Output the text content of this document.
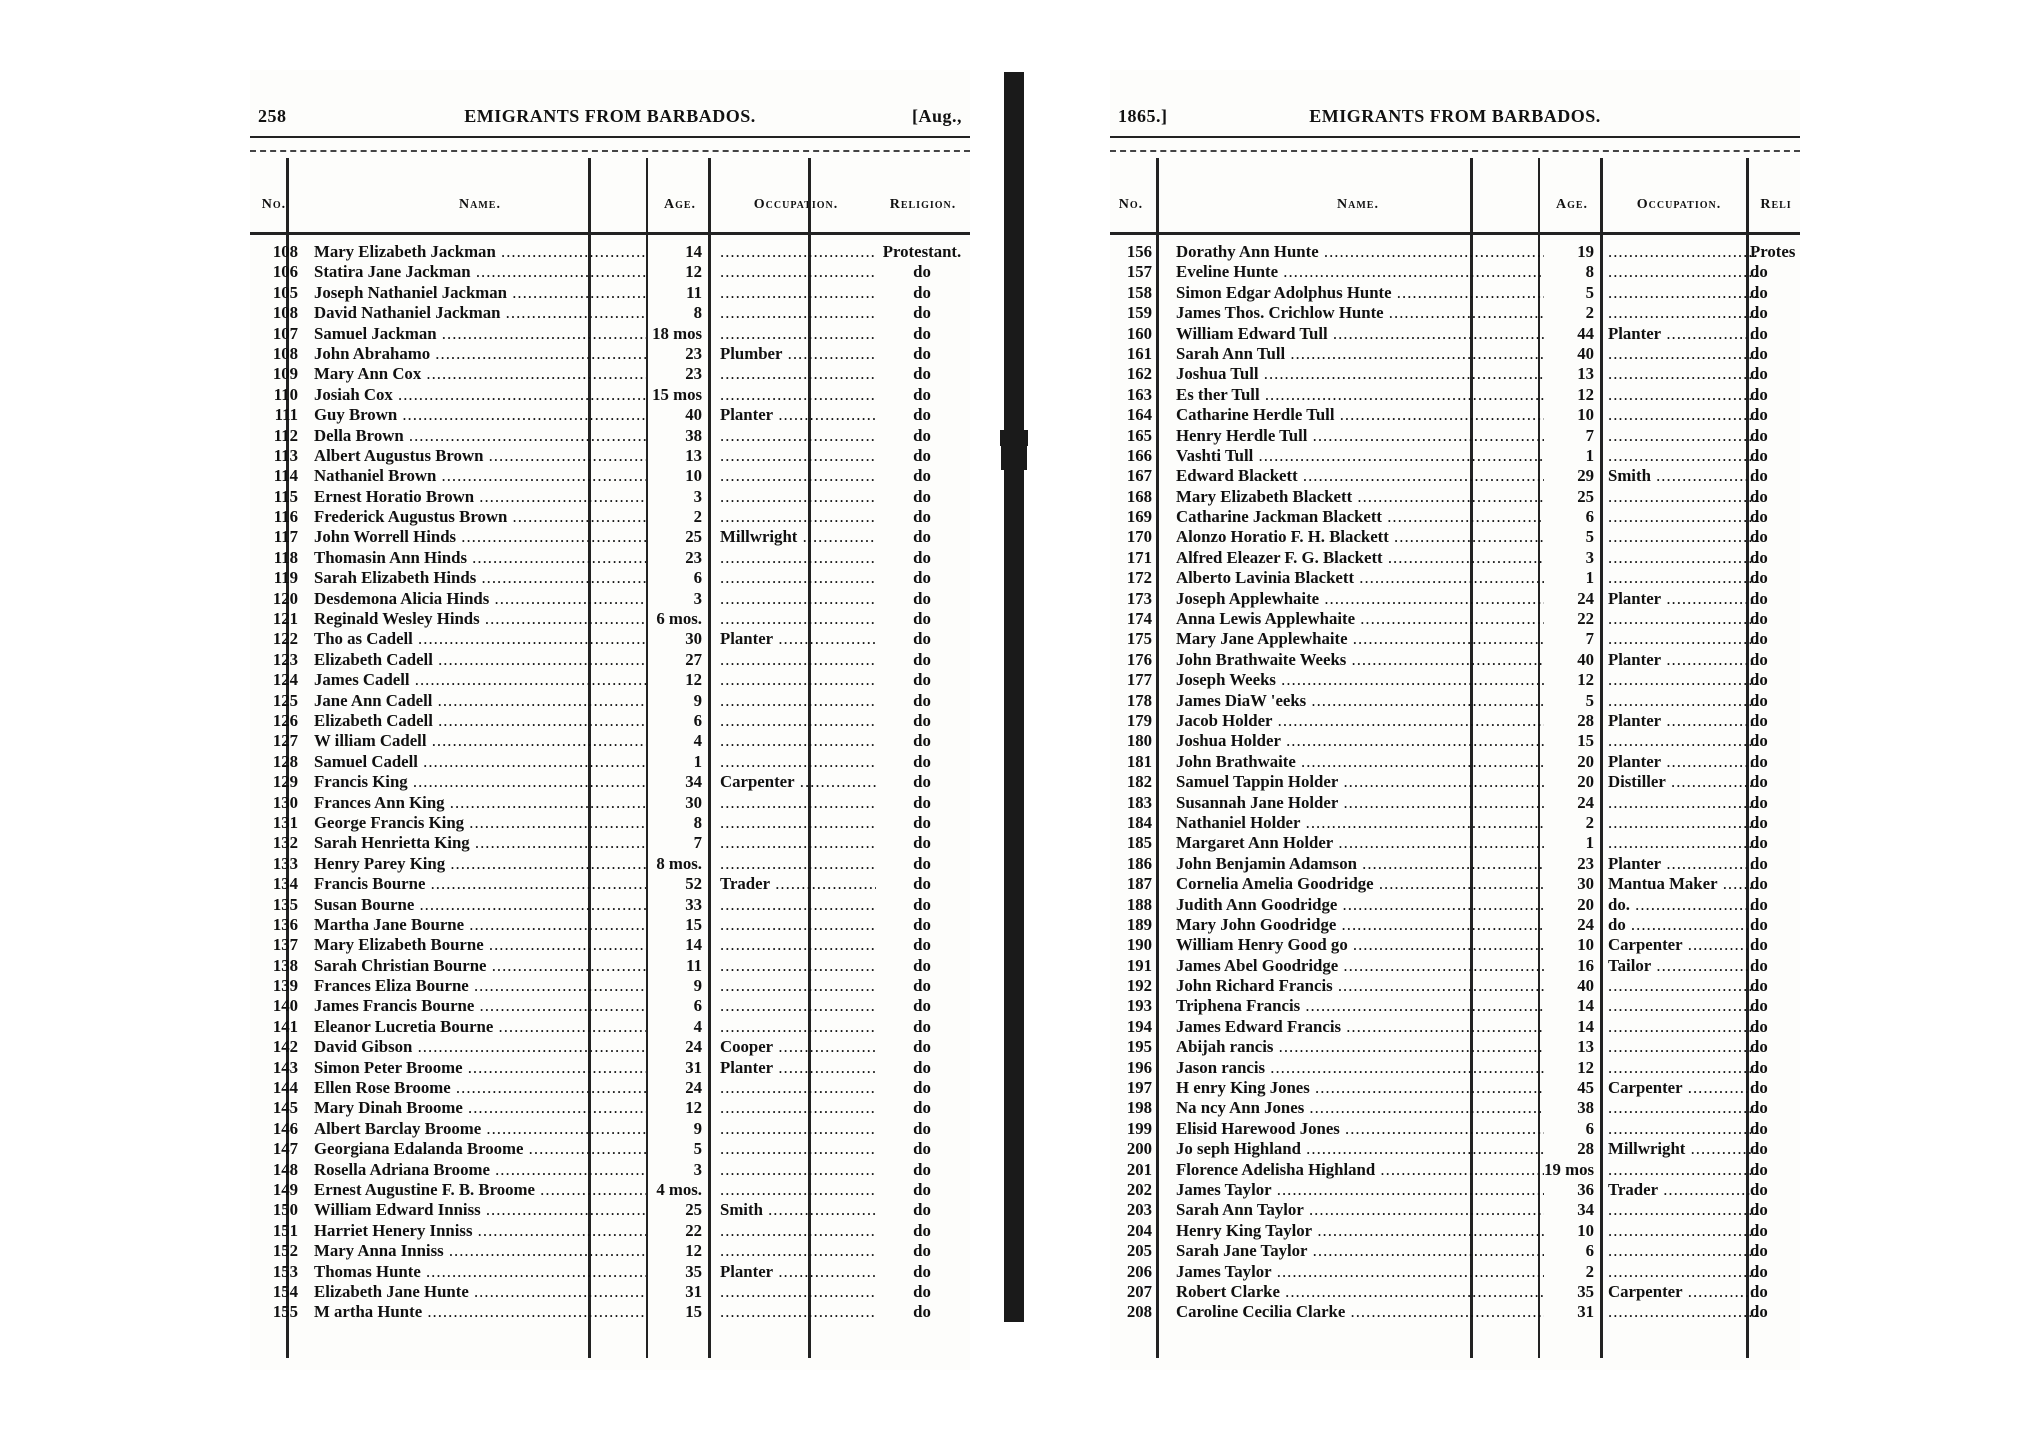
258	EMIGRANTS FROM BARBADOS.	[Aug.,
No.	Name.	Age.	Occupation.	Religion.
108 Mary Elizabeth Jackman .....	14 .....	Protestant.
106 Statira Jane Jackman .....	12 .....	do
105 Joseph Nathaniel Jackman .....	11 .....	do
108 David Nathaniel Jackman .....	8 .....	do
107 Samuel Jackman .....	18 mos .....	do
108 John Abrahamo .....	23 Plumber .....	do
109 Mary Ann Cox .....	23 .....	do
110 Josiah Cox .....	15 mos .....	do
111 Guy Brown .....	40 Planter .....	do
112 Della Brown .....	38 .....	do
113 Albert Augustus Brown .....	13 .....	do
114 Nathaniel Brown .....	10 .....	do
115 Ernest Horatio Brown .....	3 .....	do
116 Frederick Augustus Brown .....	2 .....	do
117 John Worrell Hinds .....	25 Millwright .....	do
118 Thomasin Ann Hinds .....	23 .....	do
119 Sarah Elizabeth Hinds .....	6 .....	do
120 Desdemona Alicia Hinds .....	3 .....	do
121 Reginald Wesley Hinds .....	6 mos. .....	do
122 Tho as Cadell .....	30 Planter .....	do
123 Elizabeth Cadell .....	27 .....	do
124 James Cadell .....	12 .....	do
125 Jane Ann Cadell .....	9 .....	do
126 Elizabeth Cadell .....	6 .....	do
127 W illiam Cadell .....	4 .....	do
128 Samuel Cadell .....	1 .....	do
129 Francis King .....	34 Carpenter .....	do
130 Frances Ann King .....	30 .....	do
131 George Francis King .....	8 .....	do
132 Sarah Henrietta King .....	7 .....	do
133 Henry Parey King .....	8 mos. .....	do
134 Francis Bourne .....	52 Trader .....	do
135 Susan Bourne .....	33 .....	do
136 Martha Jane Bourne .....	15 .....	do
137 Mary Elizabeth Bourne .....	14 .....	do
138 Sarah Christian Bourne .....	11 .....	do
139 Frances Eliza Bourne .....	9 .....	do
140 James Francis Bourne .....	6 .....	do
141 Eleanor Lucretia Bourne .....	4 .....	do
142 David Gibson .....	24 Cooper .....	do
143 Simon Peter Broome .....	31 Planter .....	do
144 Ellen Rose Broome .....	24 .....	do
145 Mary Dinah Broome .....	12 .....	do
146 Albert Barclay Broome .....	9 .....	do
147 Georgiana Edalanda Broome .....	5 .....	do
148 Rosella Adriana Broome .....	3 .....	do
149 Ernest Augustine F. B. Broome .....	4 mos. .....	do
150 William Edward Inniss .....	25 Smith .....	do
151 Harriet Henery Inniss .....	22 .....	do
152 Mary Anna Inniss .....	12 .....	do
153 Thomas Hunte .....	35 Planter .....	do
154 Elizabeth Jane Hunte .....	31 .....	do
155 M artha Hunte .....	15 .....	do
1865.]	EMIGRANTS FROM BARBADOS.
No.	Name.	Age.	Occupation.	Reli
156 Dorathy Ann Hunte .....	19 .....	Protes
157 Eveline Hunte .....	8 .....	do
158 Simon Edgar Adolphus Hunte .....	5 .....	do
159 James Thos. Crichlow Hunte .....	2 .....	do
160 William Edward Tull .....	44 Planter .....	do
161 Sarah Ann Tull .....	40 .....	do
162 Joshua Tull .....	13 .....	do
163 Es ther Tull .....	12 .....	do
164 Catharine Herdle Tull .....	10 .....	do
165 Henry Herdle Tull .....	7 .....	do
166 Vashti Tull .....	1 .....	do
167 Edward Blackett .....	29 Smith .....	do
168 Mary Elizabeth Blackett .....	25 .....	do
169 Catharine Jackman Blackett .....	6 .....	do
170 Alonzo Horatio F. H. Blackett .....	5 .....	do
171 Alfred Eleazer F. G. Blackett .....	3 .....	do
172 Alberto Lavinia Blackett .....	1 .....	do
173 Joseph Applewhaite .....	24 Planter .....	do
174 Anna Lewis Applewhaite .....	22 .....	do
175 Mary Jane Applewhaite .....	7 .....	do
176 John Brathwaite Weeks .....	40 Planter .....	do
177 Joseph Weeks .....	12 .....	do
178 James DiaW 'eeks .....	5 .....	do
179 Jacob Holder .....	28 Planter .....	do
180 Joshua Holder .....	15 .....	do
181 John Brathwaite .....	20 Planter .....	do
182 Samuel Tappin Holder .....	20 Distiller .....	do
183 Susannah Jane Holder .....	24 .....	do
184 Nathaniel Holder .....	2 .....	do
185 Margaret Ann Holder .....	1 .....	do
186 John Benjamin Adamson .....	23 Planter .....	do
187 Cornelia Amelia Goodridge .....	30 Mantua Maker .....	do
188 Judith Ann Goodridge .....	20 do. .....	do
189 Mary John Goodridge .....	24 do .....	do
190 William Henry Good go .....	10 Carpenter .....	do
191 James Abel Goodridge .....	16 Tailor .....	do
192 John Richard Francis .....	40 .....	do
193 Triphena Francis .....	14 .....	do
194 James Edward Francis .....	14 .....	do
195 Abijah rancis .....	13 .....	do
196 Jason rancis .....	12 .....	do
197 H enry King Jones .....	45 Carpenter .....	do
198 Na ncy Ann Jones .....	38 .....	do
199 Elisid Harewood Jones .....	6 .....	do
200 Jo seph Highland .....	28 Millwright .....	do
201 Florence Adelisha Highland .....	19 mos .....	do
202 James Taylor .....	36 Trader .....	do
203 Sarah Ann Taylor .....	34 .....	do
204 Henry King Taylor .....	10 .....	do
205 Sarah Jane Taylor .....	6 .....	do
206 James Taylor .....	2 .....	do
207 Robert Clarke .....	35 Carpenter .....	do
208 Caroline Cecilia Clarke .....	31 .....	do
